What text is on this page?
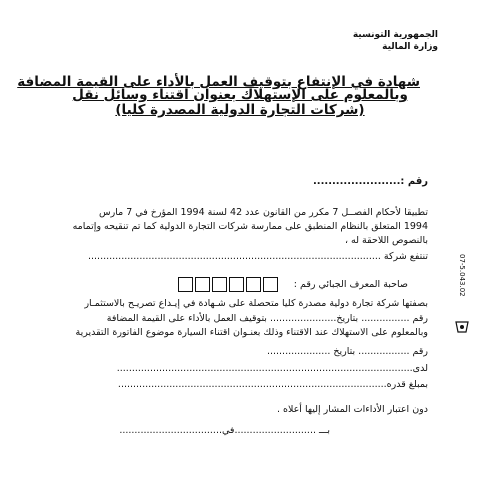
الجمهورية التونسية
وزارة المالية
شهادة في الإنتفاع بتوقيف العمل بالأداء على القيمة المضافة
وبالمعلوم على الإستهلاك بعنوان اقتناء وسائل نقل
(شركات التجارة الدولية المصدرة كليا)
رقم :.......................
تطبيقا لأحكام الفصــل 7 مكرر من القانون عدد 42 لسنة 1994 المؤرخ في 7 مارس
1994 المتعلق بالنظام المنطبق على ممارسة شركات التجارة الدولية كما تم تنقيحه وإتمامه
بالنصوص اللاحقة له ،
تنتفع شركة .................................................................................................
صاحبة المعرف الجبائي رقم :
بصفتها شركة تجارة دولية مصدرة كليا متحصلة على شـهادة في إيـداع تصريـح بالاستثمـار
رقم ................ بتاريخ...................... بتوقيف العمل بالأداء على القيمة المضافة
وبالمعلوم على الاستهلاك عند الاقتناء وذلك بعنـوان اقتناء السيارة موضوع الفاتورة التقديرية
رقم ................. بتاريخ .....................
لدى..................................................................................................
بمبلغ قدره.........................................................................................
دون اعتبار الأداءات المشار إليها أعلاه .
بـــ ...........................في..................................
07-5.043.02
